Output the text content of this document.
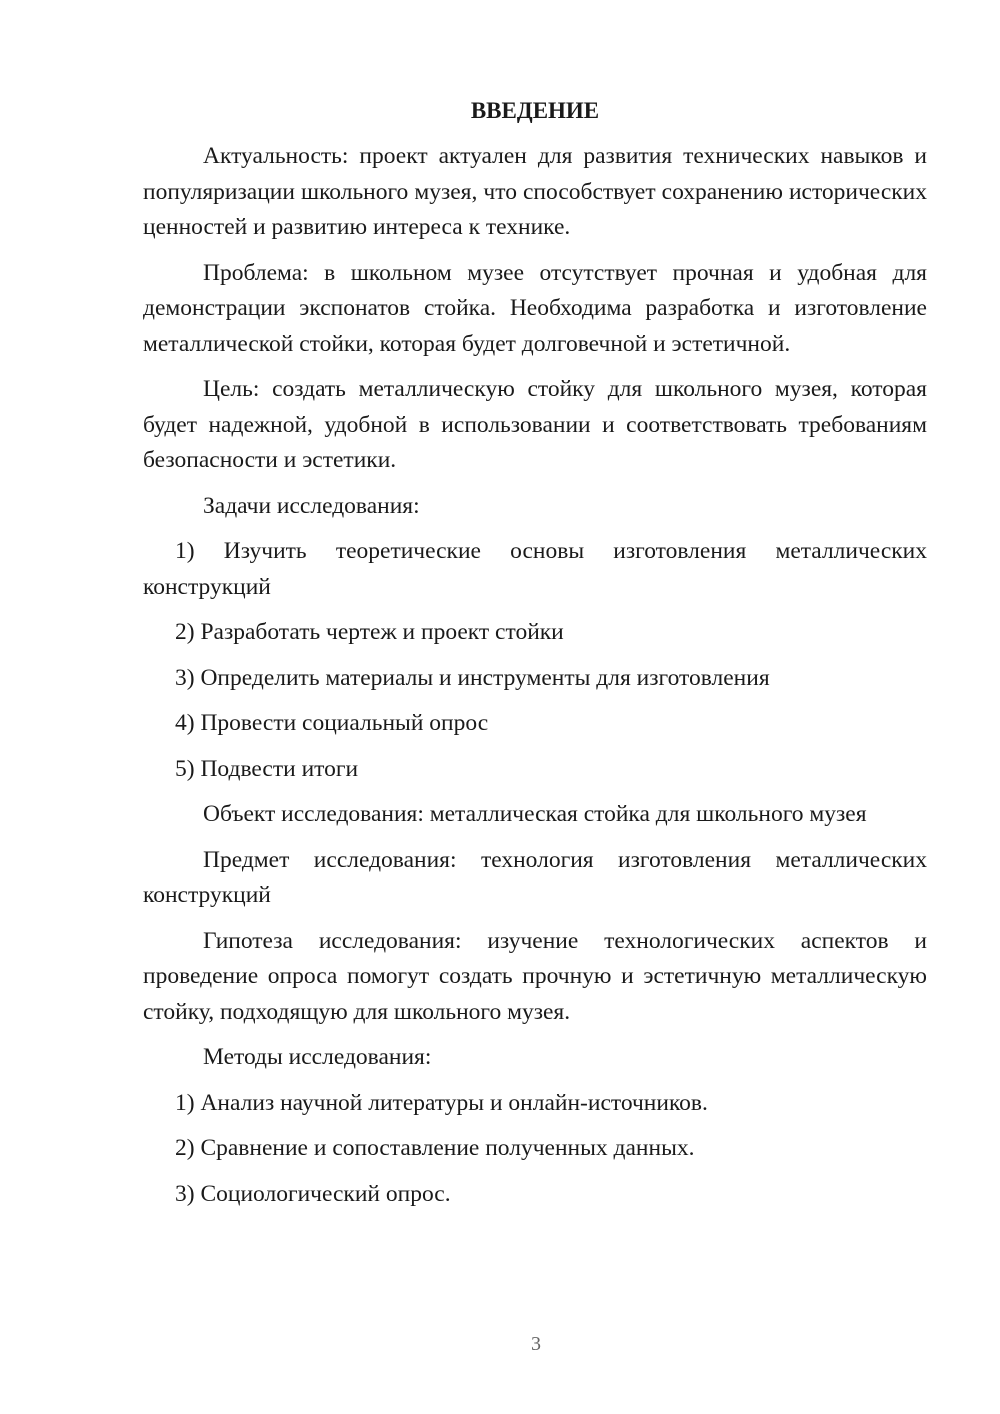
ВВЕДЕНИЕ

Актуальность: проект актуален для развития технических навыков и популяризации школьного музея, что способствует сохранению исторических ценностей и развитию интереса к технике.

Проблема: в школьном музее отсутствует прочная и удобная для демонстрации экспонатов стойка. Необходима разработка и изготовление металлической стойки, которая будет долговечной и эстетичной.

Цель: создать металлическую стойку для школьного музея, которая будет надежной, удобной в использовании и соответствовать требованиям безопасности и эстетики.

Задачи исследования:

1) Изучить теоретические основы изготовления металлических конструкций

2) Разработать чертеж и проект стойки

3) Определить материалы и инструменты для изготовления

4) Провести социальный опрос

5) Подвести итоги

Объект исследования: металлическая стойка для школьного музея

Предмет исследования: технология изготовления металлических конструкций

Гипотеза исследования: изучение технологических аспектов и проведение опроса помогут создать прочную и эстетичную металлическую стойку, подходящую для школьного музея.

Методы исследования:

1) Анализ научной литературы и онлайн-источников.

2) Сравнение и сопоставление полученных данных.

3) Социологический опрос.

3
